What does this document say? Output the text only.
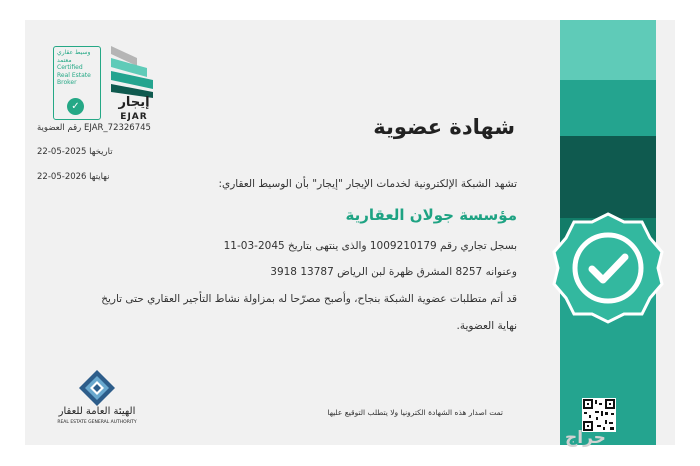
شهادة عضوية
تشهد الشبكة الإلكترونية لخدمات الإيجار "إيجار" بأن الوسيط العقاري:
مؤسسة جولان العقارية
بسجل تجاري رقم 1009210179 والذى ينتهى بتاريخ 2045-03-11
وعنوانه 8257 المشرق ظهرة لبن الرياض 13787 3918
قد أتم متطلبات عضوية الشبكة بنجاح، وأصبح مصرّحا له بمزاولة نشاط التأجير العقاري حتى تاريخ
نهاية العضوية.
EJAR_72326745 رقم العضوية
تاريخها 2025-05-22
نهايتها 2026-05-22
وسيط عقاري
معتمد
Certified
Real Estate
Broker
✓	إيجار
EJAR
الهيئة العامة للعقار
REAL ESTATE GENERAL AUTHORITY
تمت اصدار هذه الشهادة الكترونيا ولا يتطلب التوقيع عليها
حراج
